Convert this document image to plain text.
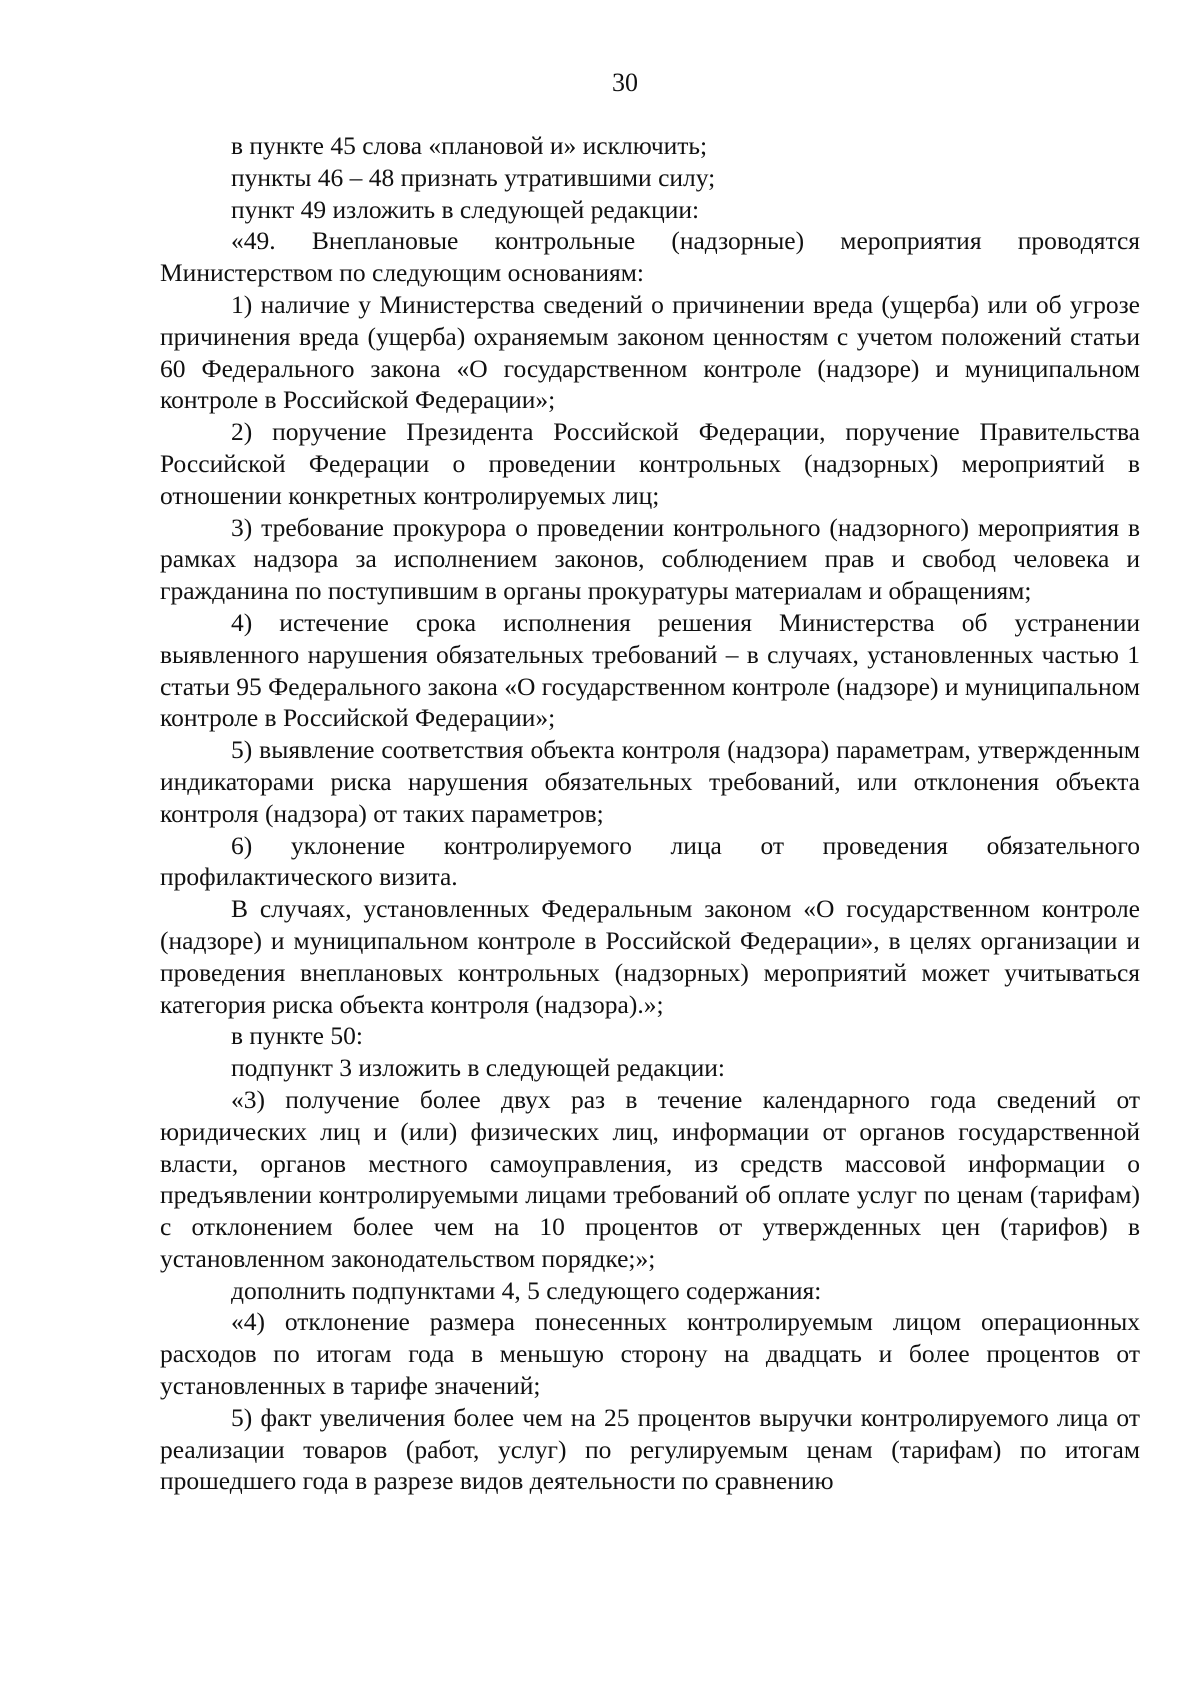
30

в пункте 45 слова «плановой и» исключить;

пункты 46 – 48 признать утратившими силу;

пункт 49 изложить в следующей редакции:

«49. Внеплановые контрольные (надзорные) мероприятия проводятся Министерством по следующим основаниям:

1) наличие у Министерства сведений о причинении вреда (ущерба) или об угрозе причинения вреда (ущерба) охраняемым законом ценностям с учетом положений статьи 60 Федерального закона «О государственном контроле (надзоре) и муниципальном контроле в Российской Федерации»;

2) поручение Президента Российской Федерации, поручение Правительства Российской Федерации о проведении контрольных (надзорных) мероприятий в отношении конкретных контролируемых лиц;

3) требование прокурора о проведении контрольного (надзорного) мероприятия в рамках надзора за исполнением законов, соблюдением прав и свобод человека и гражданина по поступившим в органы прокуратуры материалам и обращениям;

4) истечение срока исполнения решения Министерства об устранении выявленного нарушения обязательных требований – в случаях, установленных частью 1 статьи 95 Федерального закона «О государственном контроле (надзоре) и муниципальном контроле в Российской Федерации»;

5) выявление соответствия объекта контроля (надзора) параметрам, утвержденным индикаторами риска нарушения обязательных требований, или отклонения объекта контроля (надзора) от таких параметров;

6) уклонение контролируемого лица от проведения обязательного профилактического визита.

В случаях, установленных Федеральным законом «О государственном контроле (надзоре) и муниципальном контроле в Российской Федерации», в целях организации и проведения внеплановых контрольных (надзорных) мероприятий может учитываться категория риска объекта контроля (надзора).»;

в пункте 50:

подпункт 3 изложить в следующей редакции:

«3) получение более двух раз в течение календарного года сведений от юридических лиц и (или) физических лиц, информации от органов государственной власти, органов местного самоуправления, из средств массовой информации о предъявлении контролируемыми лицами требований об оплате услуг по ценам (тарифам) с отклонением более чем на 10 процентов от утвержденных цен (тарифов) в установленном законодательством порядке;»;

дополнить подпунктами 4, 5 следующего содержания:

«4) отклонение размера понесенных контролируемым лицом операционных расходов по итогам года в меньшую сторону на двадцать и более процентов от установленных в тарифе значений;

5) факт увеличения более чем на 25 процентов выручки контролируемого лица от реализации товаров (работ, услуг) по регулируемым ценам (тарифам) по итогам прошедшего года в разрезе видов деятельности по сравнению
